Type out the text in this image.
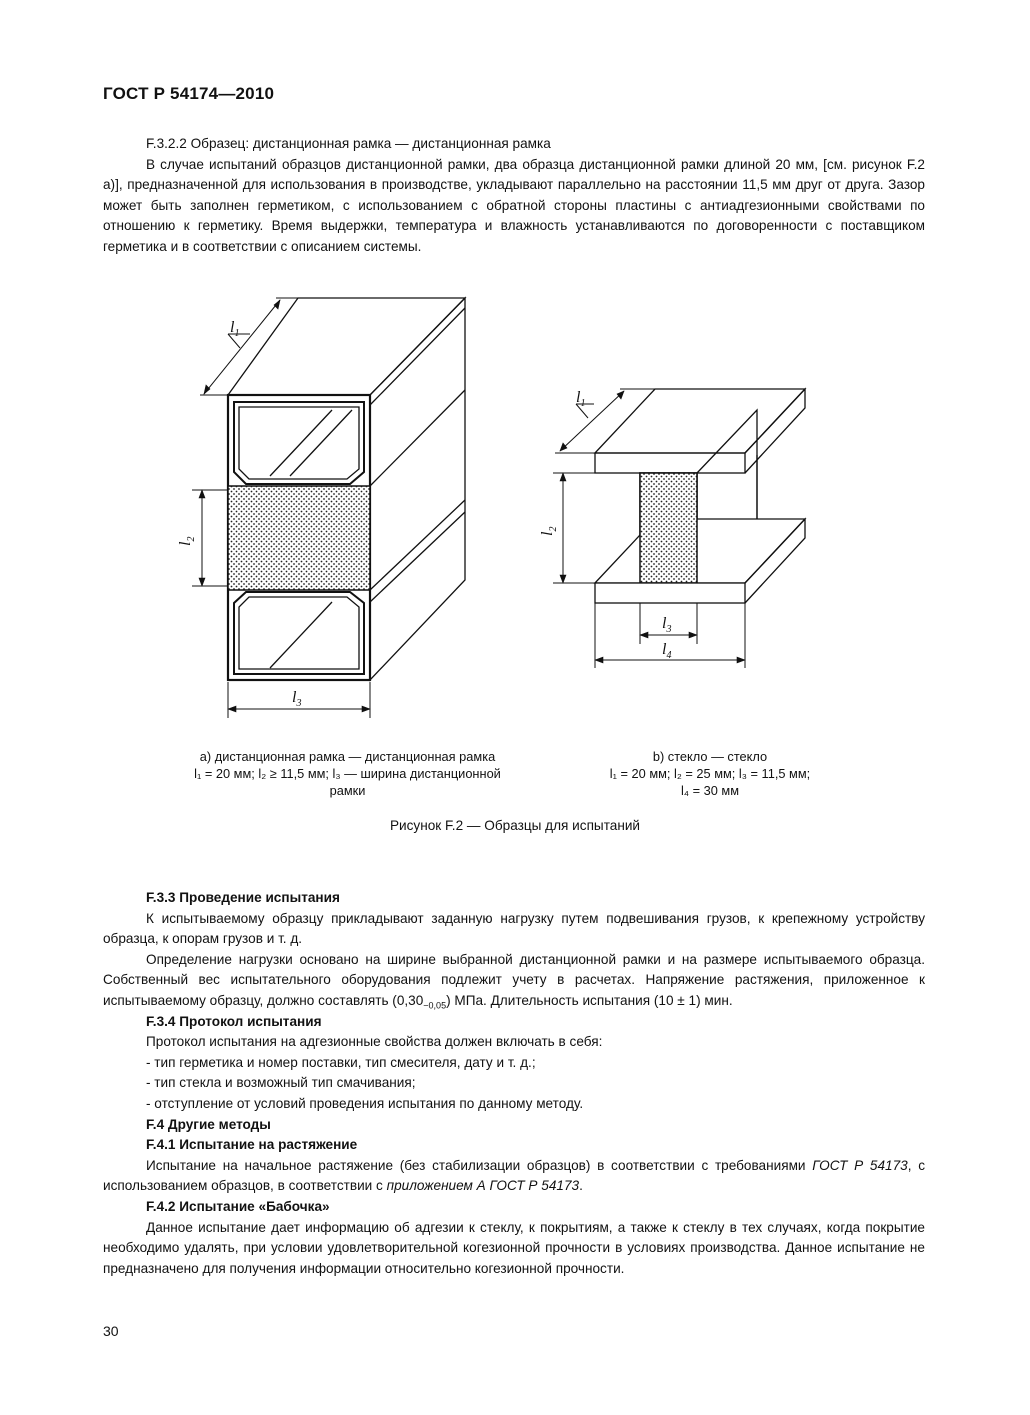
ГОСТ Р 54174—2010

F.3.2.2 Образец: дистанционная рамка — дистанционная рамка

В случае испытаний образцов дистанционной рамки, два образца дистанционной рамки длиной 20 мм, [см. рисунок F.2 а)], предназначенной для использования в производстве, укладывают параллельно на расстоянии 11,5 мм друг от друга. Зазор может быть заполнен герметиком, с использованием с обратной стороны пластины с антиадгезионными свойствами по отношению к герметику. Время выдержки, температура и влажность устанавливаются по договоренности с поставщиком герметика и в соответствии с описанием системы.

$l_1$
$l_2$
$l_3$
$l_1$
$l_2$
$l_3$
$l_4$
а) дистанционная рамка — дистанционная рамка
l₁ = 20 мм; l₂ ≥ 11,5 мм; l₃ — ширина дистанционной
рамки
b) стекло — стекло
l₁ = 20 мм; l₂ = 25 мм; l₃ = 11,5 мм;
l₄ = 30 мм
Рисунок F.2 — Образцы для испытаний

F.3.3 Проведение испытания

К испытываемому образцу прикладывают заданную нагрузку путем подвешивания грузов, к крепежному устройству образца, к опорам грузов и т. д.

Определение нагрузки основано на ширине выбранной дистанционной рамки и на размере испытываемого образца. Собственный вес испытательного оборудования подлежит учету в расчетах. Напряжение растяжения, приложенное к испытываемому образцу, должно составлять $(0,30_{-0,05})$ МПа. Длительность испытания (10 ± 1) мин.

F.3.4 Протокол испытания

Протокол испытания на адгезионные свойства должен включать в себя:

- тип герметика и номер поставки, тип смесителя, дату и т. д.;

- тип стекла и возможный тип смачивания;

- отступление от условий проведения испытания по данному методу.

F.4 Другие методы

F.4.1 Испытание на растяжение

Испытание на начальное растяжение (без стабилизации образцов) в соответствии с требованиями ГОСТ Р 54173, с использованием образцов, в соответствии с приложением А ГОСТ Р 54173.

F.4.2 Испытание «Бабочка»

Данное испытание дает информацию об адгезии к стеклу, к покрытиям, а также к стеклу в тех случаях, когда покрытие необходимо удалять, при условии удовлетворительной когезионной прочности в условиях производства. Данное испытание не предназначено для получения информации относительно когезионной прочности.

30
